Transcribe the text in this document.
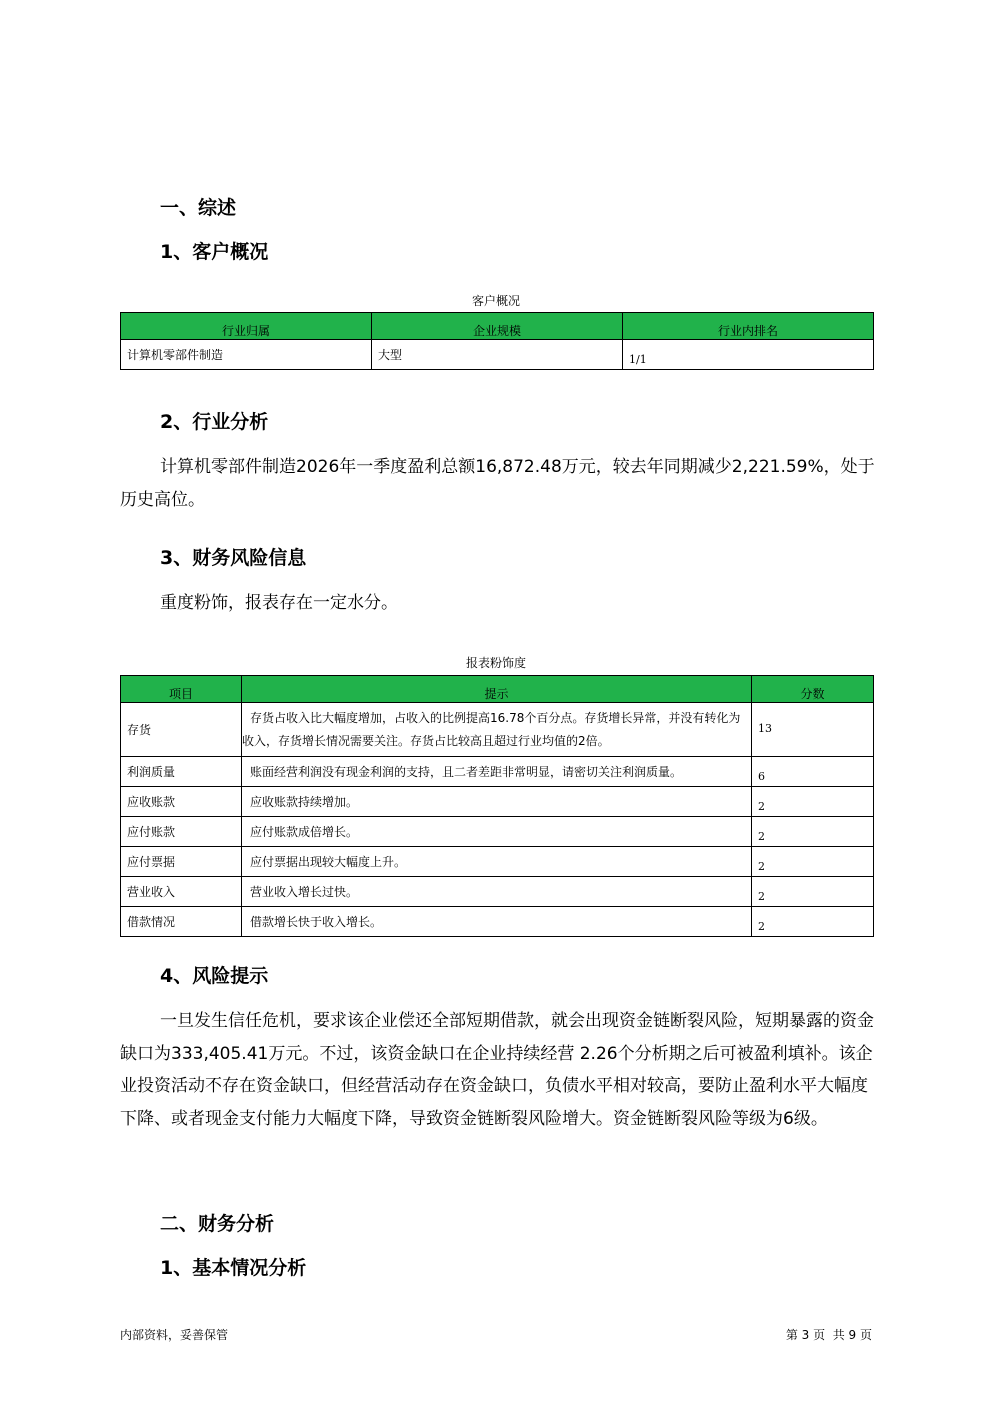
一、综述
1、客户概况
客户概况
行业归属	企业规模	行业内排名
计算机零部件制造	大型	1/1
2、行业分析
计算机零部件制造2026年一季度盈利总额16,872.48万元，较去年同期减少2,221.59%，处于历史高位。
3、财务风险信息
重度粉饰，报表存在一定水分。
报表粉饰度
项目	提示	分数
存货	存货占收入比大幅度增加，占收入的比例提高16.78个百分点。存货增长异常，并没有转化为收入，存货增长情况需要关注。存货占比较高且超过行业均值的2倍。	13
利润质量	账面经营利润没有现金利润的支持，且二者差距非常明显，请密切关注利润质量。	6
应收账款	应收账款持续增加。	2
应付账款	应付账款成倍增长。	2
应付票据	应付票据出现较大幅度上升。	2
营业收入	营业收入增长过快。	2
借款情况	借款增长快于收入增长。	2
4、风险提示
一旦发生信任危机，要求该企业偿还全部短期借款，就会出现资金链断裂风险，短期暴露的资金缺口为333,405.41万元。不过，该资金缺口在企业持续经营 2.26个分析期之后可被盈利填补。该企业投资活动不存在资金缺口，但经营活动存在资金缺口，负债水平相对较高，要防止盈利水平大幅度下降、或者现金支付能力大幅度下降，导致资金链断裂风险增大。资金链断裂风险等级为6级。
二、财务分析
1、基本情况分析
内部资料，妥善保管	第 3 页  共 9 页
